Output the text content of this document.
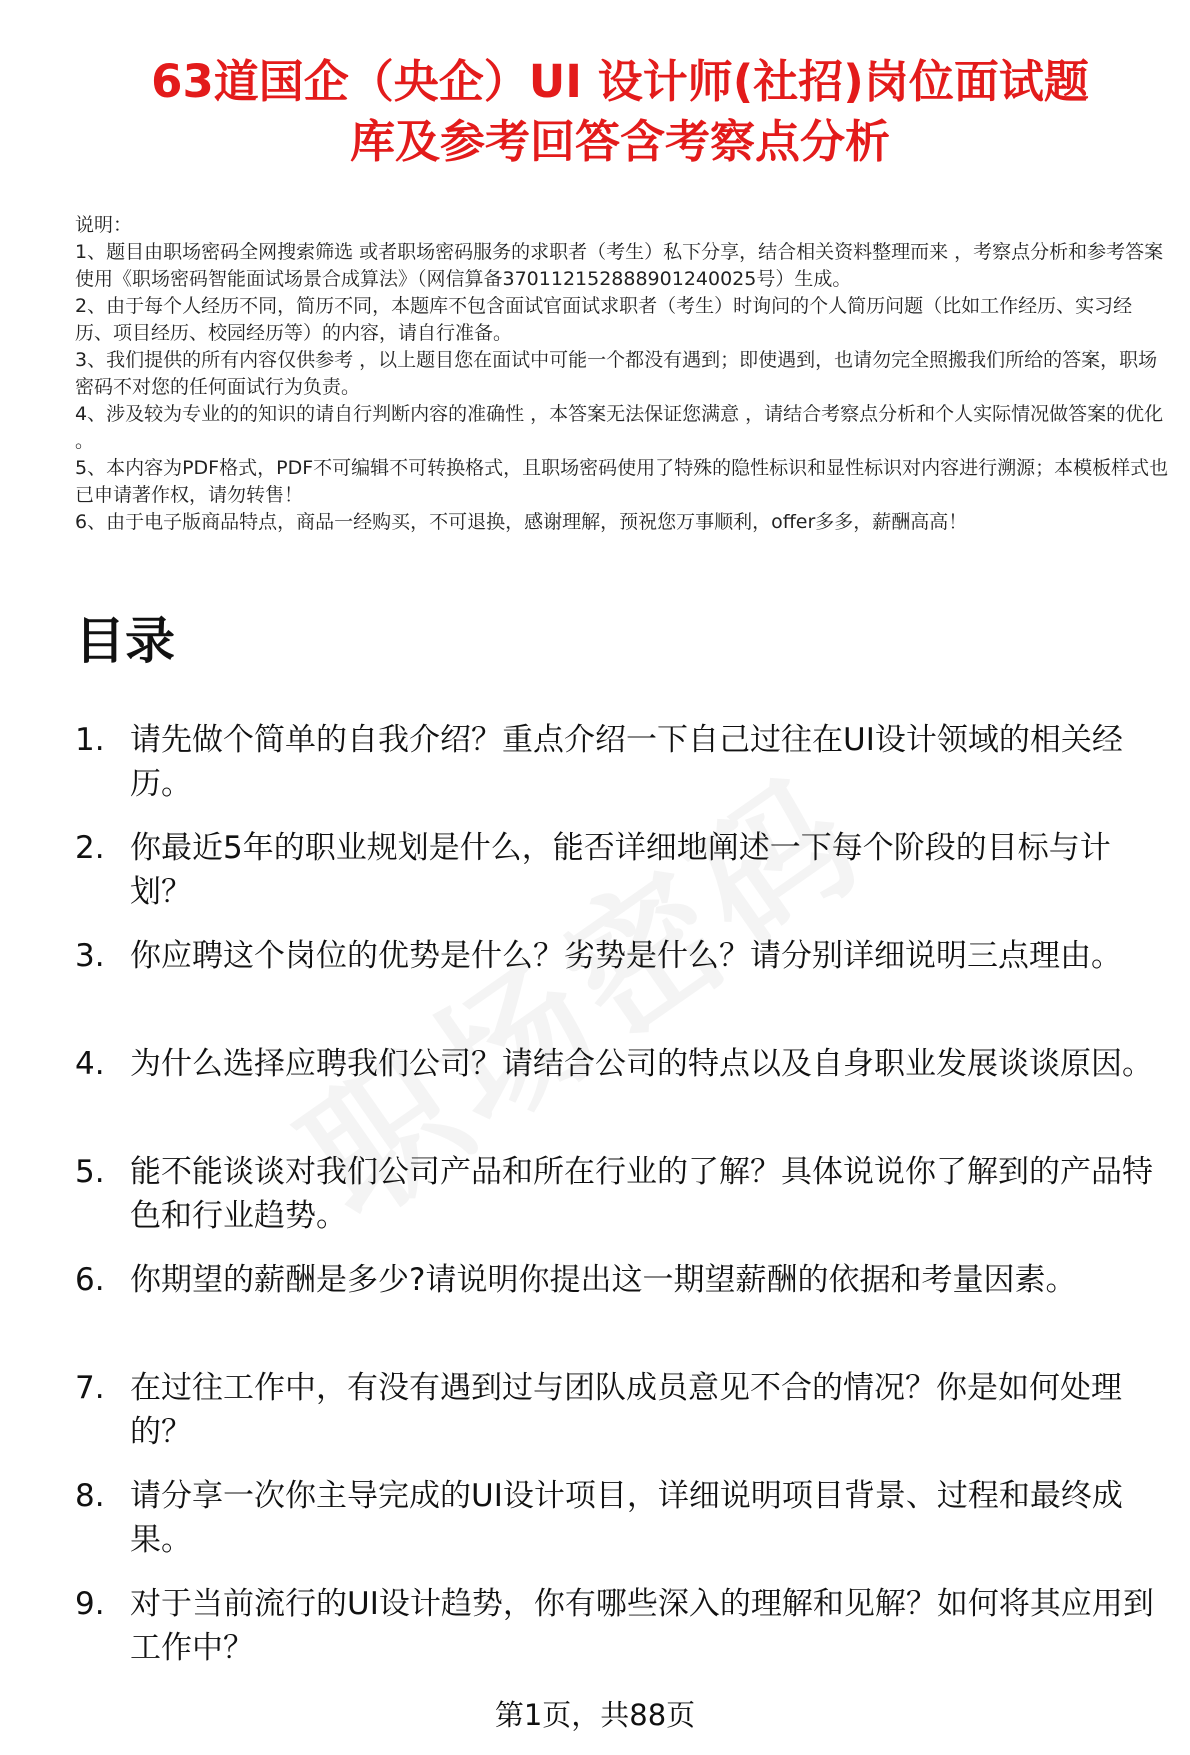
63道国企（央企）UI 设计师(社招)岗位面试题
库及参考回答含考察点分析

说明：

1、题目由职场密码全网搜索筛选 或者职场密码服务的求职者（考生）私下分享，结合相关资料整理而来 ，考察点分析和参考答案使用《职场密码智能面试场景合成算法》（网信算备370112152888901240025号）生成。

2、由于每个人经历不同，简历不同，本题库不包含面试官面试求职者（考生）时询问的个人简历问题（比如工作经历、实习经历、项目经历、校园经历等）的内容，请自行准备。

3、我们提供的所有内容仅供参考 ，以上题目您在面试中可能一个都没有遇到；即使遇到，也请勿完全照搬我们所给的答案，职场密码不对您的任何面试行为负责。

4、涉及较为专业的的知识的请自行判断内容的准确性 ，本答案无法保证您满意 ，请结合考察点分析和个人实际情况做答案的优化 。

5、本内容为PDF格式，PDF不可编辑不可转换格式，且职场密码使用了特殊的隐性标识和显性标识对内容进行溯源；本模板样式也已申请著作权，请勿转售！

6、由于电子版商品特点，商品一经购买，不可退换，感谢理解，预祝您万事顺利，offer多多，薪酬高高！

目录
1. 请先做个简单的自我介绍？重点介绍一下自己过往在UI设计领域的相关经历。
2. 你最近5年的职业规划是什么，能否详细地阐述一下每个阶段的目标与计划？
3. 你应聘这个岗位的优势是什么？劣势是什么？请分别详细说明三点理由。
4. 为什么选择应聘我们公司？请结合公司的特点以及自身职业发展谈谈原因。
5. 能不能谈谈对我们公司产品和所在行业的了解？具体说说你了解到的产品特色和行业趋势。
6. 你期望的薪酬是多少?请说明你提出这一期望薪酬的依据和考量因素。
7. 在过往工作中，有没有遇到过与团队成员意见不合的情况？你是如何处理的？
8. 请分享一次你主导完成的UI设计项目，详细说明项目背景、过程和最终成果。
9. 对于当前流行的UI设计趋势，你有哪些深入的理解和见解？如何将其应用到工作中？
第1页，共88页
